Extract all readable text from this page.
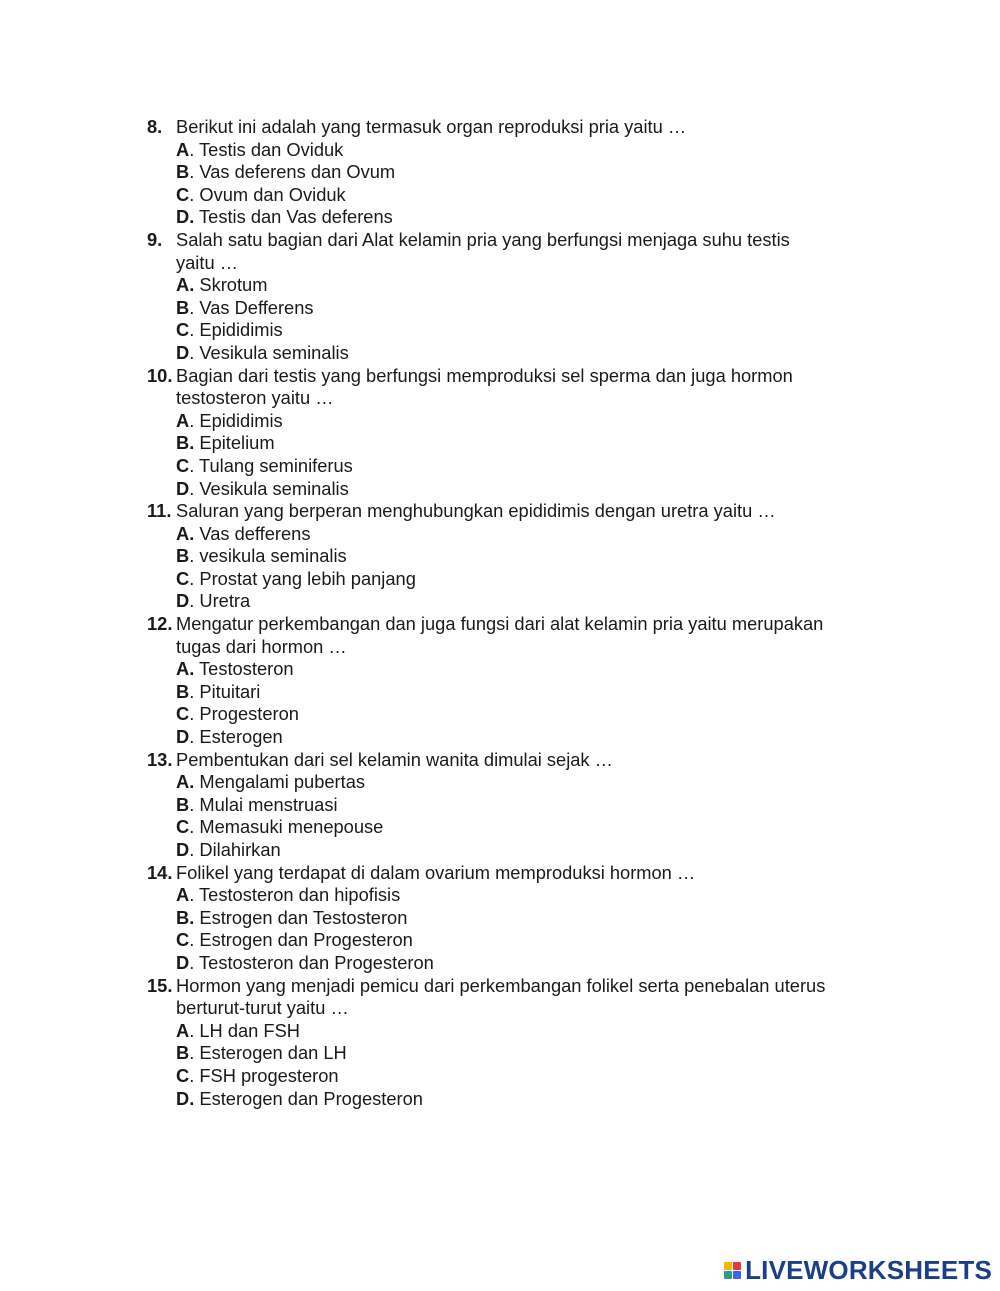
8. Berikut ini adalah yang termasuk organ reproduksi pria yaitu …
A. Testis dan Oviduk
B. Vas deferens dan Ovum
C. Ovum dan Oviduk
D. Testis dan Vas deferens
9. Salah satu bagian dari Alat kelamin pria yang berfungsi menjaga suhu testis
yaitu …
A. Skrotum
B. Vas Defferens
C. Epididimis
D. Vesikula seminalis
10. Bagian dari testis yang berfungsi memproduksi sel sperma dan juga hormon
testosteron yaitu …
A. Epididimis
B. Epitelium
C. Tulang seminiferus
D. Vesikula seminalis
11. Saluran yang berperan menghubungkan epididimis dengan uretra yaitu …
A. Vas defferens
B. vesikula seminalis
C. Prostat yang lebih panjang
D. Uretra
12. Mengatur perkembangan dan juga fungsi dari alat kelamin pria yaitu merupakan
tugas dari hormon …
A. Testosteron
B. Pituitari
C. Progesteron
D. Esterogen
13. Pembentukan dari sel kelamin wanita dimulai sejak …
A. Mengalami pubertas
B. Mulai menstruasi
C. Memasuki menepouse
D. Dilahirkan
14. Folikel yang terdapat di dalam ovarium memproduksi hormon …
A. Testosteron dan hipofisis
B. Estrogen dan Testosteron
C. Estrogen dan Progesteron
D. Testosteron dan Progesteron
15. Hormon yang menjadi pemicu dari perkembangan folikel serta penebalan uterus
berturut-turut yaitu …
A. LH dan FSH
B. Esterogen dan LH
C. FSH progesteron
D. Esterogen dan Progesteron
LIVEWORKSHEETS
